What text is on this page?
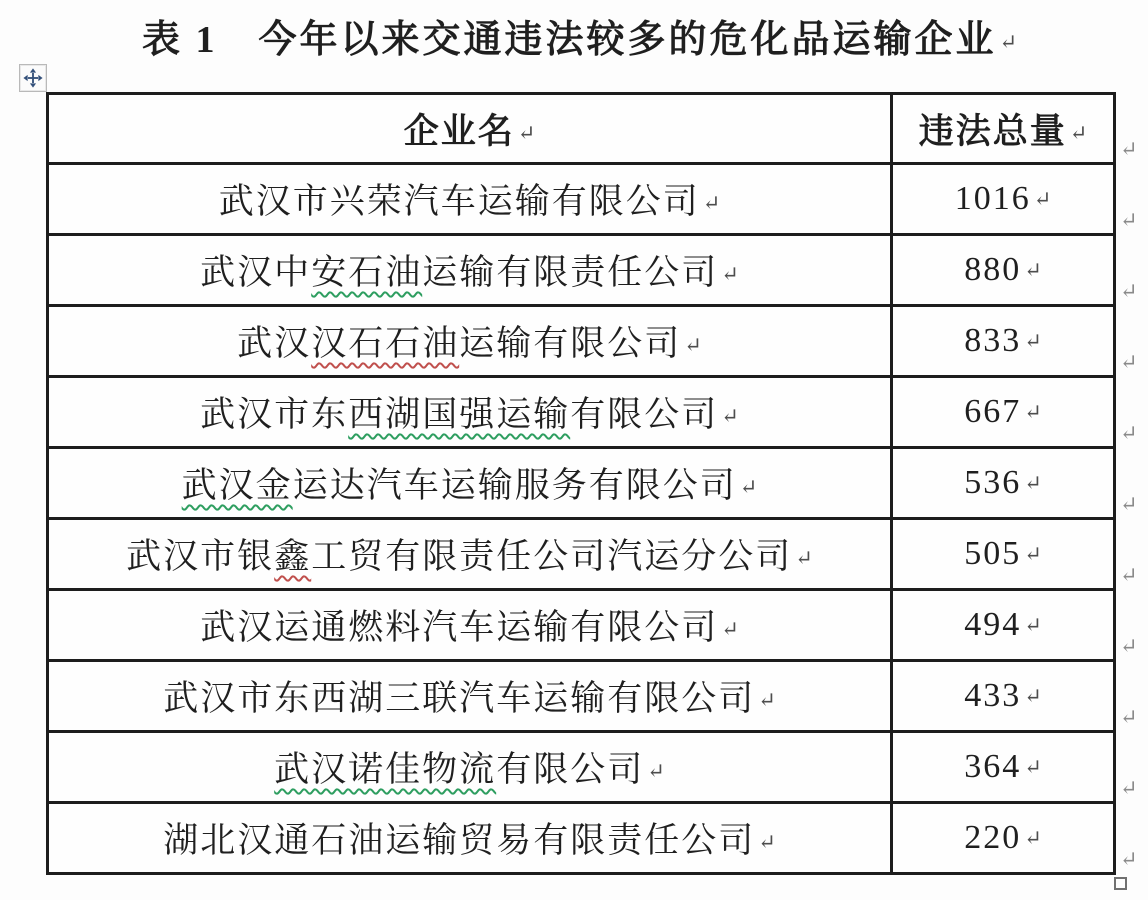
表 1　今年以来交通违法较多的危化品运输企业 ↵
企业名 ↵	违法总量 ↵
武汉市兴荣汽车运输有限公司 ↵	1016 ↵
武汉中安石油运输有限责任公司 ↵	880 ↵
武汉汉石石油运输有限公司 ↵	833 ↵
武汉市东西湖国强运输有限公司 ↵	667 ↵
武汉金运达汽车运输服务有限公司 ↵	536 ↵
武汉市银鑫工贸有限责任公司汽运分公司 ↵	505 ↵
武汉运通燃料汽车运输有限公司 ↵	494 ↵
武汉市东西湖三联汽车运输有限公司 ↵	433 ↵
武汉诺佳物流有限公司 ↵	364 ↵
湖北汉通石油运输贸易有限责任公司 ↵	220 ↵
↵
↵
↵
↵
↵
↵
↵
↵
↵
↵
↵
